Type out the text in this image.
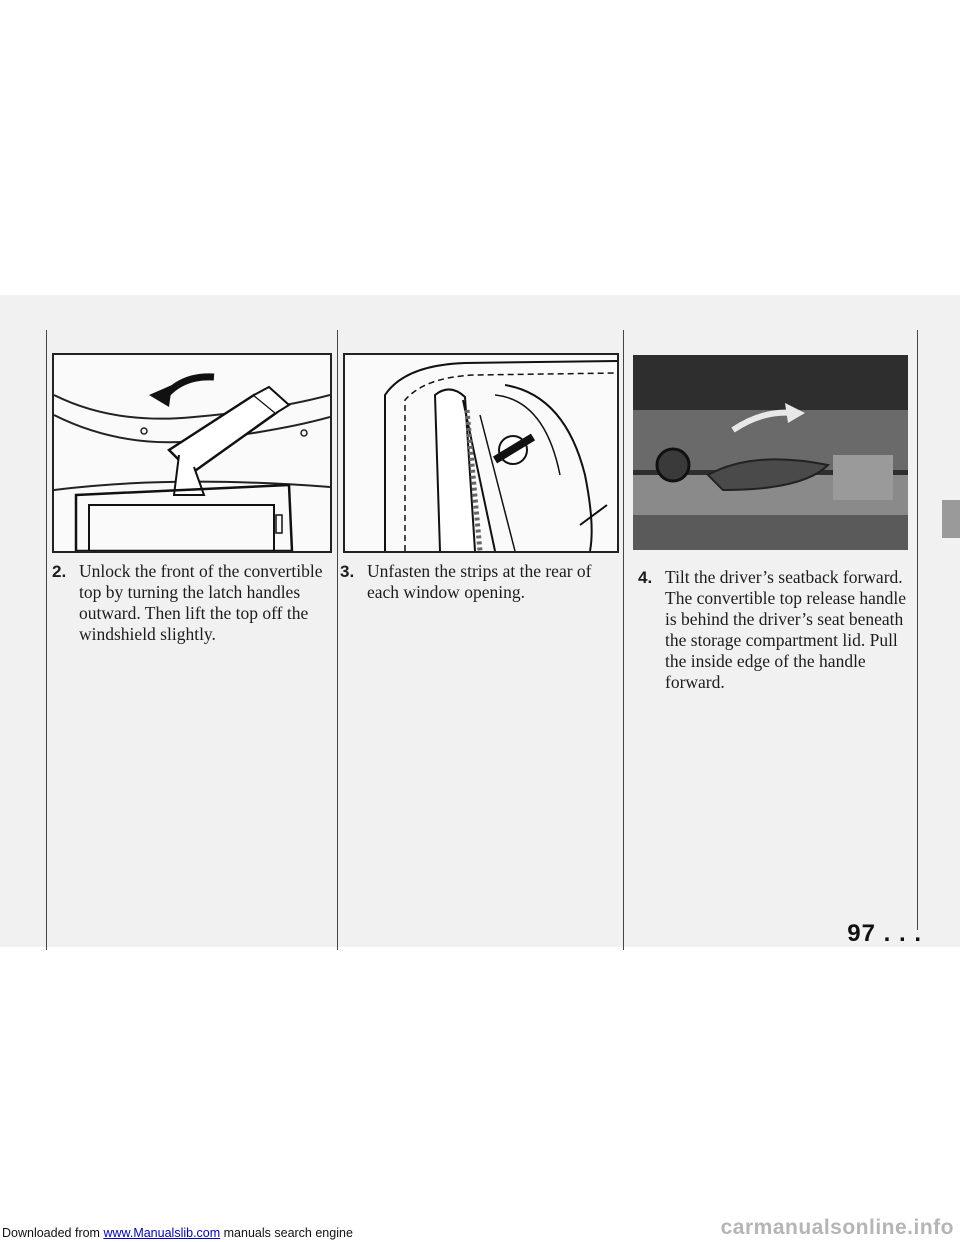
2. Unlock the front of the convertible top by turning the latch handles outward. Then lift the top off the windshield slightly.
3. Unfasten the strips at the rear of each window opening.
4. Tilt the driver’s seatback forward. The convertible top release handle is behind the driver’s seat beneath the storage compartment lid. Pull the inside edge of the handle forward.
97 . . .
Downloaded from www.Manualslib.com manuals search engine	carmanualsonline.info
